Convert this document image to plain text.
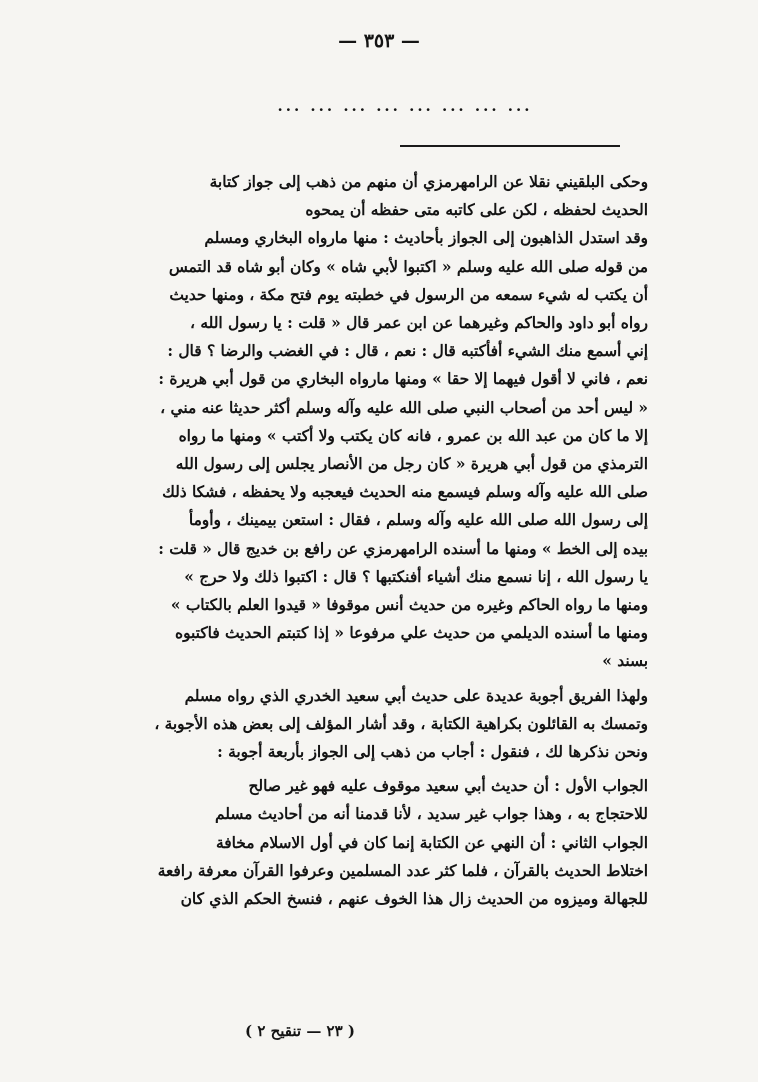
— ٣٥٣ —
... ... ... ... ... ... ... ...
وحكى البلقيني نقلا عن الرامهرمزي أن منهم من ذهب إلى جواز كتابة
الحديث لحفظه ، لكن على كاتبه متى حفظه أن يمحوه
وقد استدل الذاهبون إلى الجواز بأحاديث : منها مارواه البخاري ومسلم
من قوله صلى الله عليه وسلم « اكتبوا لأبي شاه » وكان أبو شاه قد التمس
أن يكتب له شيء سمعه من الرسول في خطبته يوم فتح مكة ، ومنها حديث
رواه أبو داود والحاكم وغيرهما عن ابن عمر قال « قلت : يا رسول الله ،
إني أسمع منك الشيء أفأكتبه قال : نعم ، قال : في الغضب والرضا ؟ قال :
نعم ، فاني لا أقول فيهما إلا حقا » ومنها مارواه البخاري من قول أبي هريرة :
« ليس أحد من أصحاب النبي صلى الله عليه وآله وسلم أكثر حديثا عنه مني ،
إلا ما كان من عبد الله بن عمرو ، فانه كان يكتب ولا أكتب » ومنها ما رواه
الترمذي من قول أبي هريرة « كان رجل من الأنصار يجلس إلى رسول الله
صلى الله عليه وآله وسلم فيسمع منه الحديث فيعجبه ولا يحفظه ، فشكا ذلك
إلى رسول الله صلى الله عليه وآله وسلم ، فقال : استعن بيمينك ، وأومأ
بيده إلى الخط » ومنها ما أسنده الرامهرمزي عن رافع بن خديج قال « قلت :
يا رسول الله ، إنا نسمع منك أشياء أفنكتبها ؟ قال : اكتبوا ذلك ولا حرج »
ومنها ما رواه الحاكم وغيره من حديث أنس موقوفا « قيدوا العلم بالكتاب »
ومنها ما أسنده الديلمي من حديث علي مرفوعا « إذا كتبتم الحديث فاكتبوه
بسند »
ولهذا الفريق أجوبة عديدة على حديث أبي سعيد الخدري الذي رواه مسلم
وتمسك به القائلون بكراهية الكتابة ، وقد أشار المؤلف إلى بعض هذه الأجوبة ،
ونحن نذكرها لك ، فنقول : أجاب من ذهب إلى الجواز بأربعة أجوبة :
الجواب الأول : أن حديث أبي سعيد موقوف عليه فهو غير صالح
للاحتجاج به ، وهذا جواب غير سديد ، لأنا قدمنا أنه من أحاديث مسلم
الجواب الثاني : أن النهي عن الكتابة إنما كان في أول الاسلام مخافة
اختلاط الحديث بالقرآن ، فلما كثر عدد المسلمين وعرفوا القرآن معرفة رافعة
للجهالة وميزوه من الحديث زال هذا الخوف عنهم ، فنسخ الحكم الذي كان
( ٢٣ — تنقيح ٢ )
